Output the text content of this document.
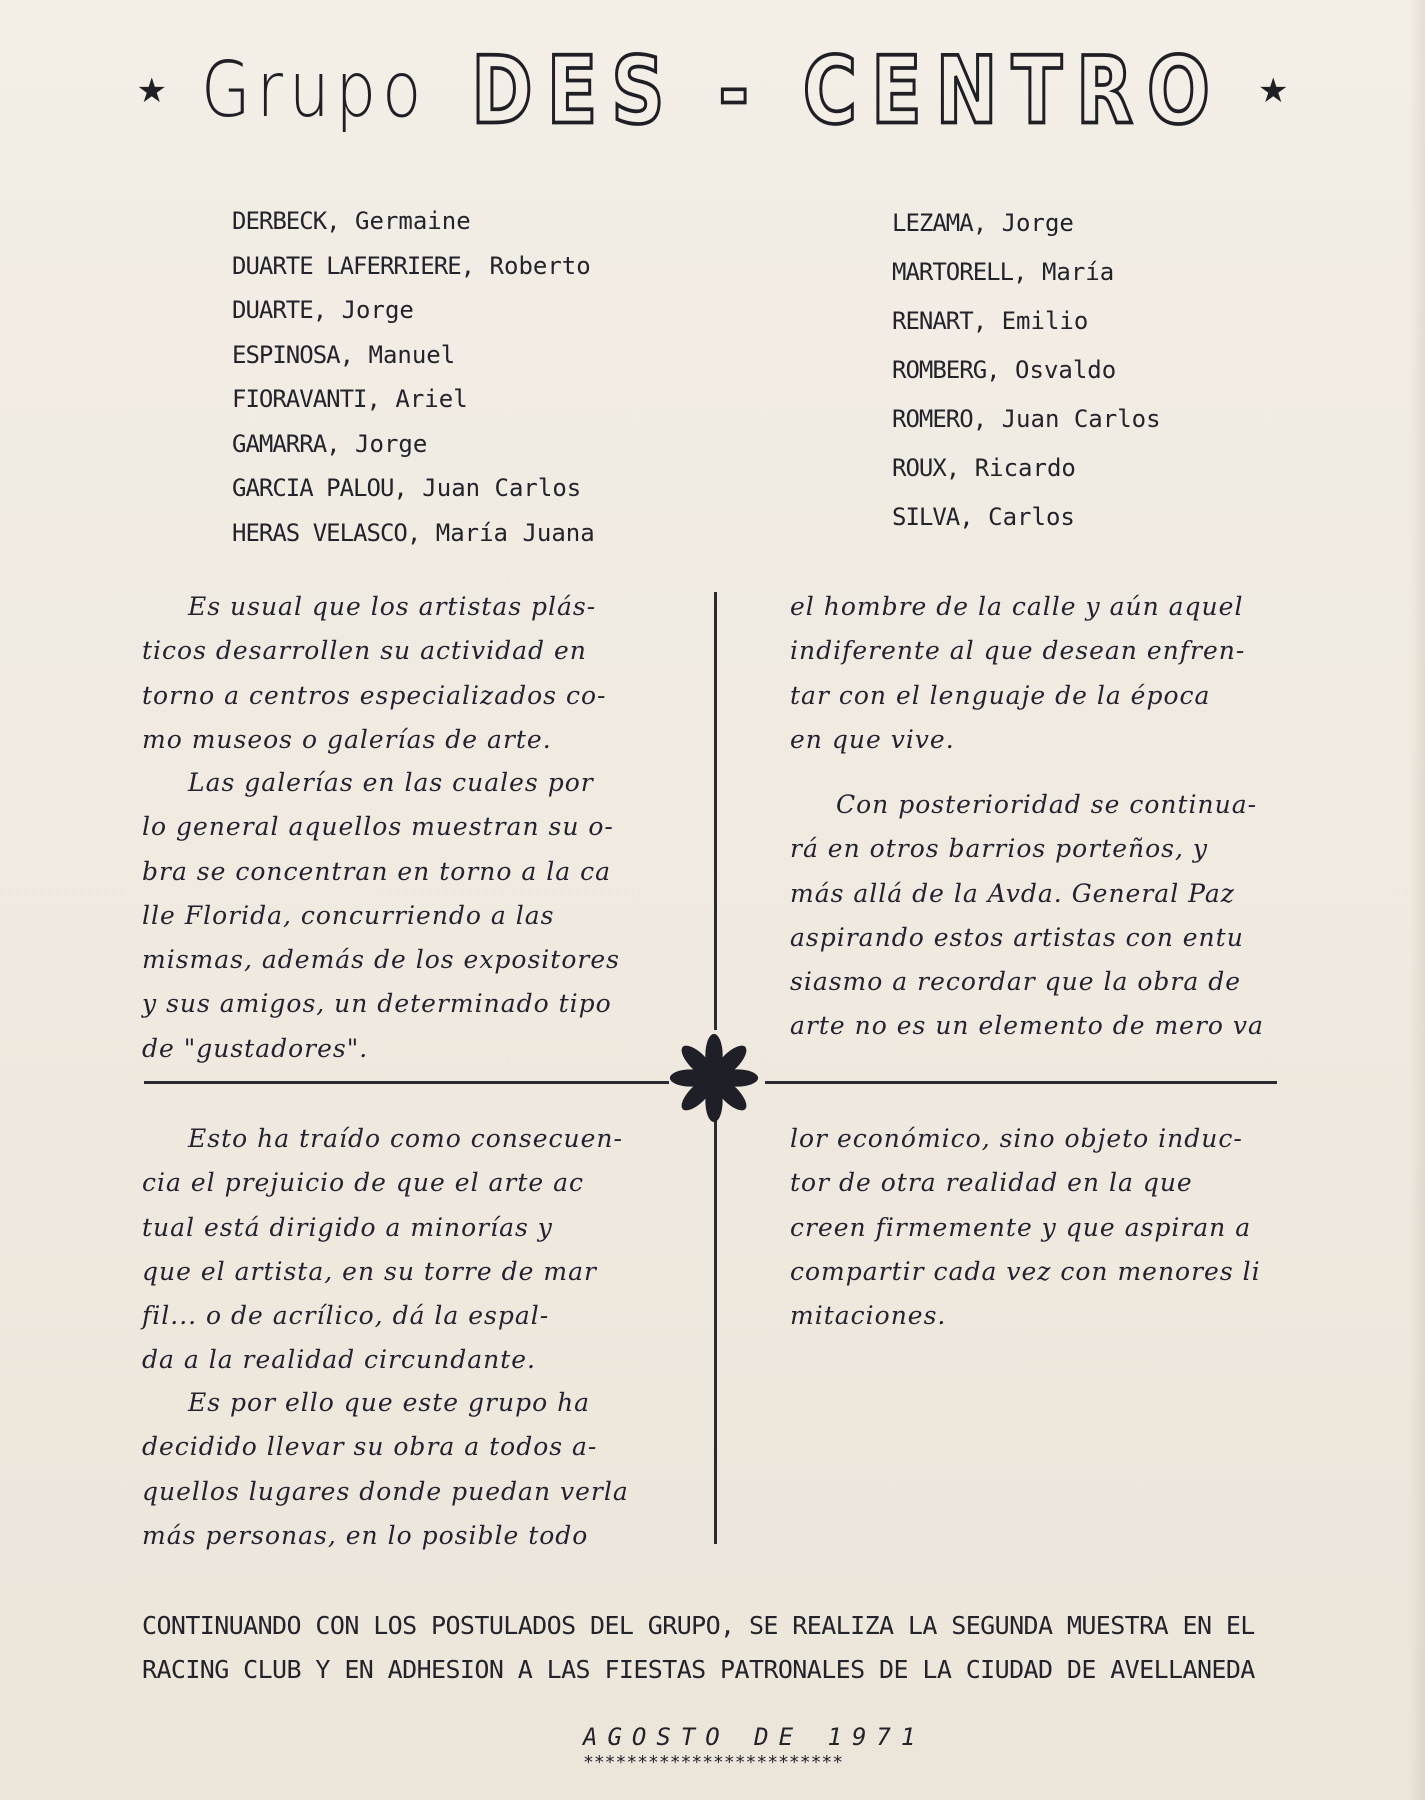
★ Grupo DES - CENTRO ★
DERBECK, Germaine
DUARTE LAFERRIERE, Roberto
DUARTE, Jorge
ESPINOSA, Manuel
FIORAVANTI, Ariel
GAMARRA, Jorge
GARCIA PALOU, Juan Carlos
HERAS VELASCO, María Juana
LEZAMA, Jorge
MARTORELL, María
RENART, Emilio
ROMBERG, Osvaldo
ROMERO, Juan Carlos
ROUX, Ricardo
SILVA, Carlos
Es usual que los artistas plás-
ticos desarrollen su actividad en
torno a centros especializados co-
mo museos o galerías de arte.
Las galerías en las cuales por
lo general aquellos muestran su o-
bra se concentran en torno a la ca
lle Florida, concurriendo a las
mismas, además de los expositores
y sus amigos, un determinado tipo
de "gustadores".
el hombre de la calle y aún aquel
indiferente al que desean enfren-
tar con el lenguaje de la época
en que vive.
Con posterioridad se continua-
rá en otros barrios porteños, y
más allá de la Avda. General Paz
aspirando estos artistas con entu
siasmo a recordar que la obra de
arte no es un elemento de mero va
Esto ha traído como consecuen-
cia el prejuicio de que el arte ac
tual está dirigido a minorías y
que el artista, en su torre de mar
fil... o de acrílico, dá la espal-
da a la realidad circundante.
Es por ello que este grupo ha
decidido llevar su obra a todos a-
quellos lugares donde puedan verla
más personas, en lo posible todo
lor económico, sino objeto induc-
tor de otra realidad en la que
creen firmemente y que aspiran a
compartir cada vez con menores li
mitaciones.
CONTINUANDO CON LOS POSTULADOS DEL GRUPO, SE REALIZA LA SEGUNDA MUESTRA EN EL
RACING CLUB Y EN ADHESION A LAS FIESTAS PATRONALES DE LA CIUDAD DE AVELLANEDA
AGOSTO DE 1971
************************
